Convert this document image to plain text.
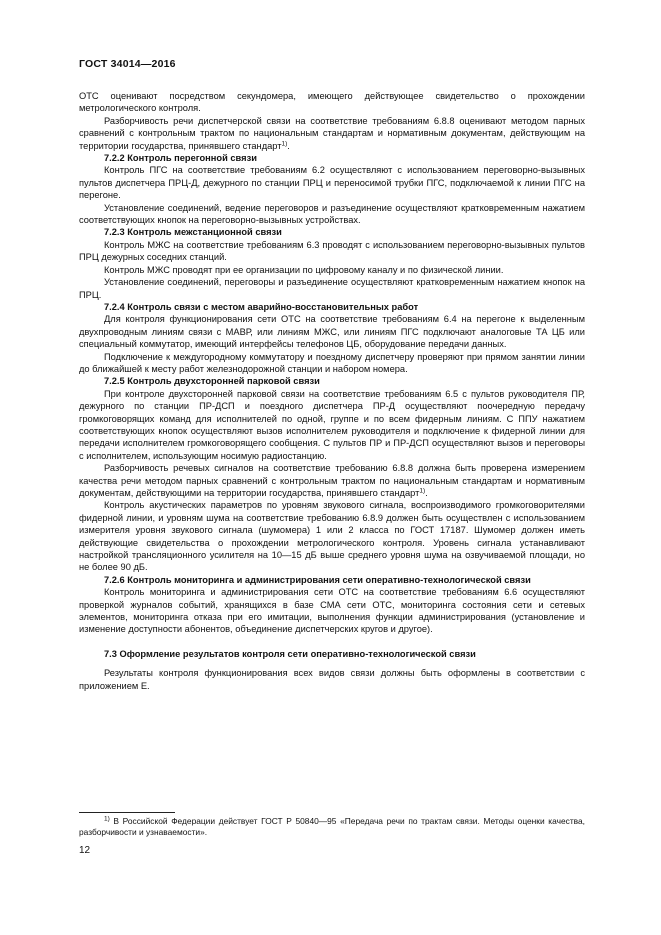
ГОСТ 34014—2016

ОТС оценивают посредством секундомера, имеющего действующее свидетельство о прохождении метрологического контроля.

Разборчивость речи диспетчерской связи на соответствие требованиям 6.8.8 оценивают методом парных сравнений с контрольным трактом по национальным стандартам и нормативным документам, действующим на территории государства, принявшего стандарт$^{1)}$.

7.2.2 Контроль перегонной связи

Контроль ПГС на соответствие требованиям 6.2 осуществляют с использованием переговорно-вызывных пультов диспетчера ПРЦ-Д, дежурного по станции ПРЦ и переносимой трубки ПГС, подключаемой к линии ПГС на перегоне.

Установление соединений, ведение переговоров и разъединение осуществляют кратковременным нажатием соответствующих кнопок на переговорно-вызывных устройствах.

7.2.3 Контроль межстанционной связи

Контроль МЖС на соответствие требованиям 6.3 проводят с использованием переговорно-вызывных пультов ПРЦ дежурных соседних станций.

Контроль МЖС проводят при ее организации по цифровому каналу и по физической линии.

Установление соединений, переговоры и разъединение осуществляют кратковременным нажатием кнопок на ПРЦ.

7.2.4 Контроль связи с местом аварийно-восстановительных работ

Для контроля функционирования сети ОТС на соответствие требованиям 6.4 на перегоне к выделенным двухпроводным линиям связи с МАВР, или линиям МЖС, или линиям ПГС подключают аналоговые ТА ЦБ или специальный коммутатор, имеющий интерфейсы телефонов ЦБ, оборудование передачи данных.

Подключение к междугородному коммутатору и поездному диспетчеру проверяют при прямом занятии линии до ближайшей к месту работ железнодорожной станции и набором номера.

7.2.5 Контроль двухсторонней парковой связи

При контроле двухсторонней парковой связи на соответствие требованиям 6.5 с пультов руководителя ПР, дежурного по станции ПР-ДСП и поездного диспетчера ПР-Д осуществляют поочередную передачу громкоговорящих команд для исполнителей по одной, группе и по всем фидерным линиям. С ППУ нажатием соответствующих кнопок осуществляют вызов исполнителем руководителя и подключение к фидерной линии для передачи исполнителем громкоговорящего сообщения. С пультов ПР и ПР-ДСП осуществляют вызов и переговоры с исполнителем, использующим носимую радиостанцию.

Разборчивость речевых сигналов на соответствие требованию 6.8.8 должна быть проверена измерением качества речи методом парных сравнений с контрольным трактом по национальным стандартам и нормативным документам, действующими на территории государства, принявшего стандарт$^{1)}$.

Контроль акустических параметров по уровням звукового сигнала, воспроизводимого громкоговорителями фидерной линии, и уровням шума на соответствие требованию 6.8.9 должен быть осуществлен с использованием измерителя уровня звукового сигнала (шумомера) 1 или 2 класса по ГОСТ 17187. Шумомер должен иметь действующие свидетельства о прохождении метрологического контроля. Уровень сигнала устанавливают настройкой трансляционного усилителя на 10—15 дБ выше среднего уровня шума на озвучиваемой площади, но не более 90 дБ.

7.2.6 Контроль мониторинга и администрирования сети оперативно-технологической связи

Контроль мониторинга и администрирования сети ОТС на соответствие требованиям 6.6 осуществляют проверкой журналов событий, хранящихся в базе СМА сети ОТС, мониторинга состояния сети и сетевых элементов, мониторинга отказа при его имитации, выполнения функции администрирования (установление и изменение доступности абонентов, объединение диспетчерских кругов и другое).

7.3 Оформление результатов контроля сети оперативно-технологической связи

Результаты контроля функционирования всех видов связи должны быть оформлены в соответствии с приложением Е.

$^{1)}$ В Российской Федерации действует ГОСТ Р 50840—95 «Передача речи по трактам связи. Методы оценки качества, разборчивости и узнаваемости».

12
